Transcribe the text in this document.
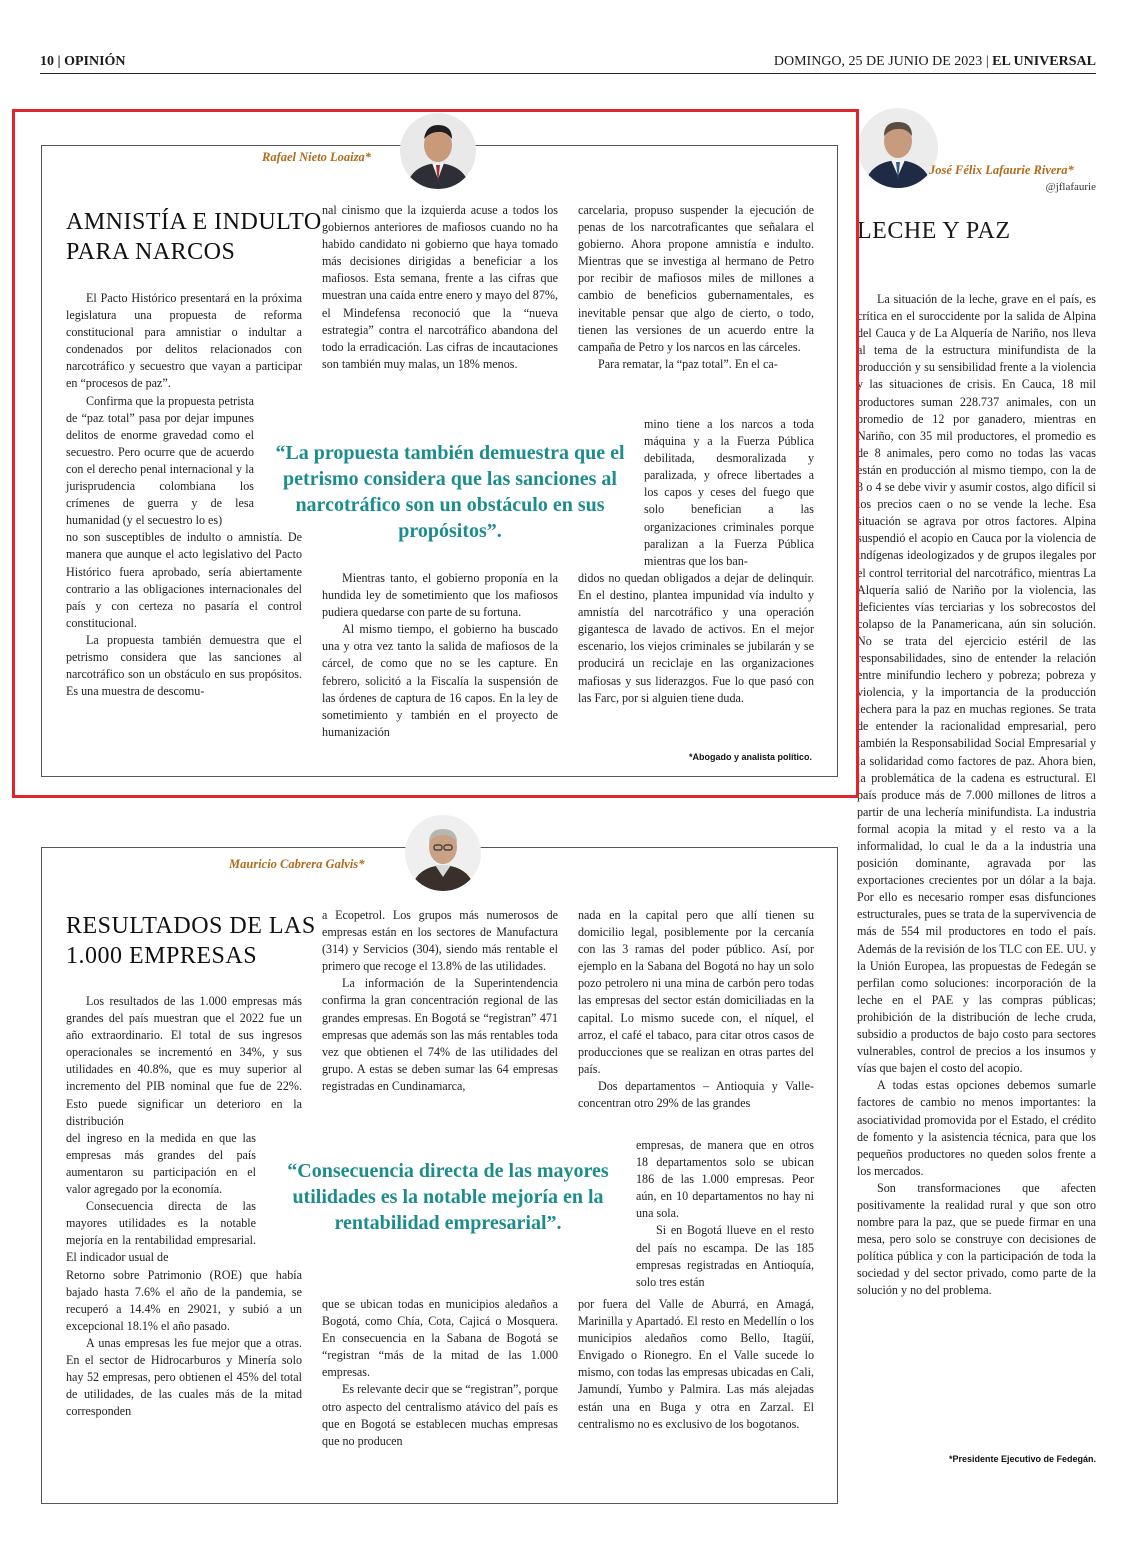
10 | OPINIÓN	DOMINGO, 25 DE JUNIO DE 2023 | EL UNIVERSAL
Rafael Nieto Loaiza*
AMNISTÍA E INDULTO
PARA NARCOS

El Pacto Histórico presentará en la próxima legislatura una propuesta de reforma constitucional para amnistiar o indultar a condenados por delitos relacionados con narcotráfico y secuestro que vayan a participar en “procesos de paz”.

Confirma que la propuesta petrista de “paz total” pasa por dejar impunes delitos de enorme gravedad como el secuestro. Pero ocurre que de acuerdo con el derecho penal internacional y la jurisprudencia colombiana los crímenes de guerra y de lesa humanidad (y el secuestro lo es)

no son susceptibles de indulto o amnistía. De manera que aunque el acto legislativo del Pacto Histórico fuera aprobado, sería abiertamente contrario a las obligaciones internacionales del país y con certeza no pasaría el control constitucional.

La propuesta también demuestra que el petrismo considera que las sanciones al narcotráfico son un obstáculo en sus propósitos. Es una muestra de descomu-

nal cinismo que la izquierda acuse a todos los gobiernos anteriores de mafiosos cuando no ha habido candidato ni gobierno que haya tomado más decisiones dirigidas a beneficiar a los mafiosos. Esta semana, frente a las cifras que muestran una caída entre enero y mayo del 87%, el Mindefensa reconoció que la “nueva estrategia” contra el narcotráfico abandona del todo la erradicación. Las cifras de incautaciones son también muy malas, un 18% menos.

Mientras tanto, el gobierno proponía en la hundida ley de sometimiento que los mafiosos pudiera quedarse con parte de su fortuna.

Al mismo tiempo, el gobierno ha buscado una y otra vez tanto la salida de mafiosos de la cárcel, de como que no se les capture. En febrero, solicitó a la Fiscalía la suspensión de las órdenes de captura de 16 capos. En la ley de sometimiento y también en el proyecto de humanización

carcelaria, propuso suspender la ejecución de penas de los narcotraficantes que señalara el gobierno. Ahora propone amnistía e indulto. Mientras que se investiga al hermano de Petro por recibir de mafiosos miles de millones a cambio de beneficios gubernamentales, es inevitable pensar que algo de cierto, o todo, tienen las versiones de un acuerdo entre la campaña de Petro y los narcos en las cárceles.

Para rematar, la “paz total”. En el ca-

mino tiene a los narcos a toda máquina y a la Fuerza Pública debilitada, desmoralizada y paralizada, y ofrece libertades a los capos y ceses del fuego que solo benefician a las organizaciones criminales porque paralizan a la Fuerza Pública mientras que los ban-

didos no quedan obligados a dejar de delinquir. En el destino, plantea impunidad vía indulto y amnistía del narcotráfico y una operación gigantesca de lavado de activos. En el mejor escenario, los viejos criminales se jubilarán y se producirá un reciclaje en las organizaciones mafiosas y sus liderazgos. Fue lo que pasó con las Farc, por si alguien tiene duda.

“La propuesta también demuestra que el petrismo considera que las sanciones al narcotráfico son un obstáculo en sus propósitos”.
*Abogado y analista político.
Mauricio Cabrera Galvis*
RESULTADOS DE LAS
1.000 EMPRESAS

Los resultados de las 1.000 empresas más grandes del país muestran que el 2022 fue un año extraordinario. El total de sus ingresos operacionales se incrementó en 34%, y sus utilidades en 40.8%, que es muy superior al incremento del PIB nominal que fue de 22%. Esto puede significar un deterioro en la distribución

del ingreso en la medida en que las empresas más grandes del país aumentaron su participación en el valor agregado por la economía.

Consecuencia directa de las mayores utilidades es la notable mejoría en la rentabilidad empresarial. El indicador usual de

Retorno sobre Patrimonio (ROE) que había bajado hasta 7.6% el año de la pandemia, se recuperó a 14.4% en 29021, y subió a un excepcional 18.1% el año pasado.

A unas empresas les fue mejor que a otras. En el sector de Hidrocarburos y Minería solo hay 52 empresas, pero obtienen el 45% del total de utilidades, de las cuales más de la mitad corresponden

a Ecopetrol. Los grupos más numerosos de empresas están en los sectores de Manufactura (314) y Servicios (304), siendo más rentable el primero que recoge el 13.8% de las utilidades.

La información de la Superintendencia confirma la gran concentración regional de las grandes empresas. En Bogotá se “registran” 471 empresas que además son las más rentables toda vez que obtienen el 74% de las utilidades del grupo. A estas se deben sumar las 64 empresas registradas en Cundinamarca,

que se ubican todas en municipios aledaños a Bogotá, como Chía, Cota, Cajicá o Mosquera. En consecuencia en la Sabana de Bogotá se “registran “más de la mitad de las 1.000 empresas.

Es relevante decir que se “registran”, porque otro aspecto del centralismo atávico del país es que en Bogotá se establecen muchas empresas que no producen

nada en la capital pero que allí tienen su domicilio legal, posiblemente por la cercanía con las 3 ramas del poder público. Así, por ejemplo en la Sabana del Bogotá no hay un solo pozo petrolero ni una mina de carbón pero todas las empresas del sector están domiciliadas en la capital. Lo mismo sucede con, el níquel, el arroz, el café el tabaco, para citar otros casos de producciones que se realizan en otras partes del país.

Dos departamentos – Antioquia y Valle- concentran otro 29% de las grandes

empresas, de manera que en otros 18 departamentos solo se ubican 186 de las 1.000 empresas. Peor aún, en 10 departamentos no hay ni una sola.

Si en Bogotá llueve en el resto del país no escampa. De las 185 empresas registradas en Antioquía, solo tres están

por fuera del Valle de Aburrá, en Amagá, Marinilla y Apartadó. El resto en Medellín o los municipios aledaños como Bello, Itagüí, Envigado o Rionegro. En el Valle sucede lo mismo, con todas las empresas ubicadas en Cali, Jamundí, Yumbo y Palmira. Las más alejadas están una en Buga y otra en Zarzal. El centralismo no es exclusivo de los bogotanos.

“Consecuencia directa de las mayores utilidades es la notable mejoría en la rentabilidad empresarial”.
José Félix Lafaurie Rivera*
@jflafaurie
LECHE Y PAZ

La situación de la leche, grave en el país, es crítica en el suroccidente por la salida de Alpina del Cauca y de La Alquería de Nariño, nos lleva al tema de la estructura minifundista de la producción y su sensibilidad frente a la violencia y las situaciones de crisis. En Cauca, 18 mil productores suman 228.737 animales, con un promedio de 12 por ganadero, mientras en Nariño, con 35 mil productores, el promedio es de 8 animales, pero como no todas las vacas están en producción al mismo tiempo, con la de 3 o 4 se debe vivir y asumir costos, algo difícil si los precios caen o no se vende la leche. Esa situación se agrava por otros factores. Alpina suspendió el acopio en Cauca por la violencia de indígenas ideologizados y de grupos ilegales por el control territorial del narcotráfico, mientras La Alquería salió de Nariño por la violencia, las deficientes vías terciarias y los sobrecostos del colapso de la Panamericana, aún sin solución. No se trata del ejercicio estéril de las responsabilidades, sino de entender la relación entre minifundio lechero y pobreza; pobreza y violencia, y la importancia de la producción lechera para la paz en muchas regiones. Se trata de entender la racionalidad empresarial, pero también la Responsabilidad Social Empresarial y la solidaridad como factores de paz. Ahora bien, la problemática de la cadena es estructural. El país produce más de 7.000 millones de litros a partir de una lechería minifundista. La industria formal acopia la mitad y el resto va a la informalidad, lo cual le da a la industria una posición dominante, agravada por las exportaciones crecientes por un dólar a la baja. Por ello es necesario romper esas disfunciones estructurales, pues se trata de la supervivencia de más de 554 mil productores en todo el país. Además de la revisión de los TLC con EE. UU. y la Unión Europea, las propuestas de Fedegán se perfilan como soluciones: incorporación de la leche en el PAE y las compras públicas; prohibición de la distribución de leche cruda, subsidio a productos de bajo costo para sectores vulnerables, control de precios a los insumos y vías que bajen el costo del acopio.

A todas estas opciones debemos sumarle factores de cambio no menos importantes: la asociatividad promovida por el Estado, el crédito de fomento y la asistencia técnica, para que los pequeños productores no queden solos frente a los mercados.

Son transformaciones que afecten positivamente la realidad rural y que son otro nombre para la paz, que se puede firmar en una mesa, pero solo se construye con decisiones de política pública y con la participación de toda la sociedad y del sector privado, como parte de la solución y no del problema.

*Presidente Ejecutivo de Fedegán.
